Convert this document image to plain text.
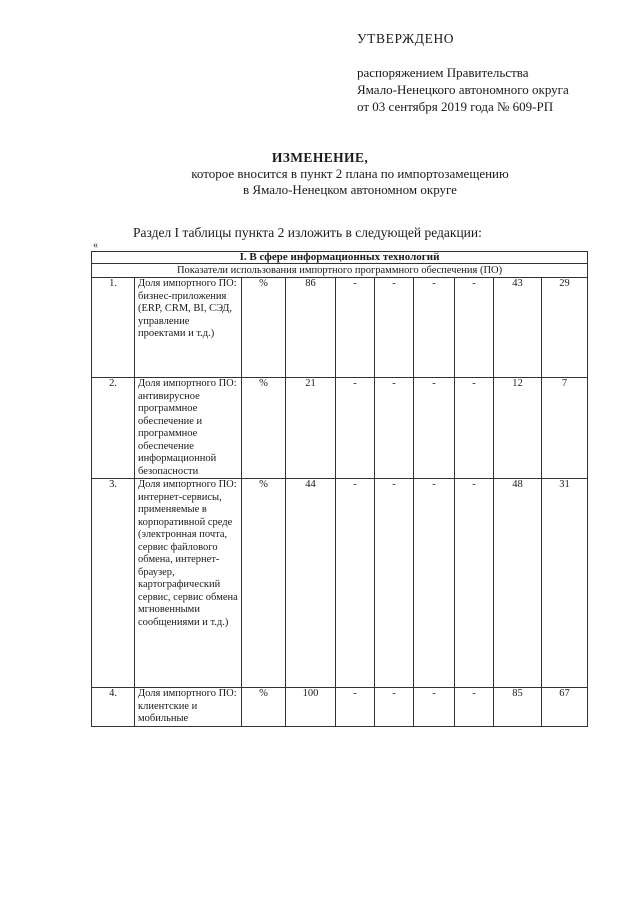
УТВЕРЖДЕНО
распоряжением Правительства
Ямало-Ненецкого автономного округа
от 03 сентября 2019 года № 609-РП
ИЗМЕНЕНИЕ,
которое вносится в пункт 2 плана по импортозамещению
в Ямало-Ненецком автономном округе
Раздел I таблицы пункта 2 изложить в следующей редакции:
«
I. В сфере информационных технологий									
Показатели использования импортного программного обеспечения (ПО)									
1.	Доля импортного ПО: бизнес-приложения (ERP, CRM, BI, СЭД, управление проектами и т.д.)	%	86	-	-	-	-	43	29
2.	Доля импортного ПО: антивирусное программное обеспечение и программное обеспечение информационной безопасности	%	21	-	-	-	-	12	7
3.	Доля импортного ПО: интернет-сервисы, применяемые в корпоративной среде (электронная почта, сервис файлового обмена, интернет-браузер, картографический сервис, сервис обмена мгновенными сообщениями и т.д.)	%	44	-	-	-	-	48	31
4.	Доля импортного ПО: клиентские и мобильные	%	100	-	-	-	-	85	67
